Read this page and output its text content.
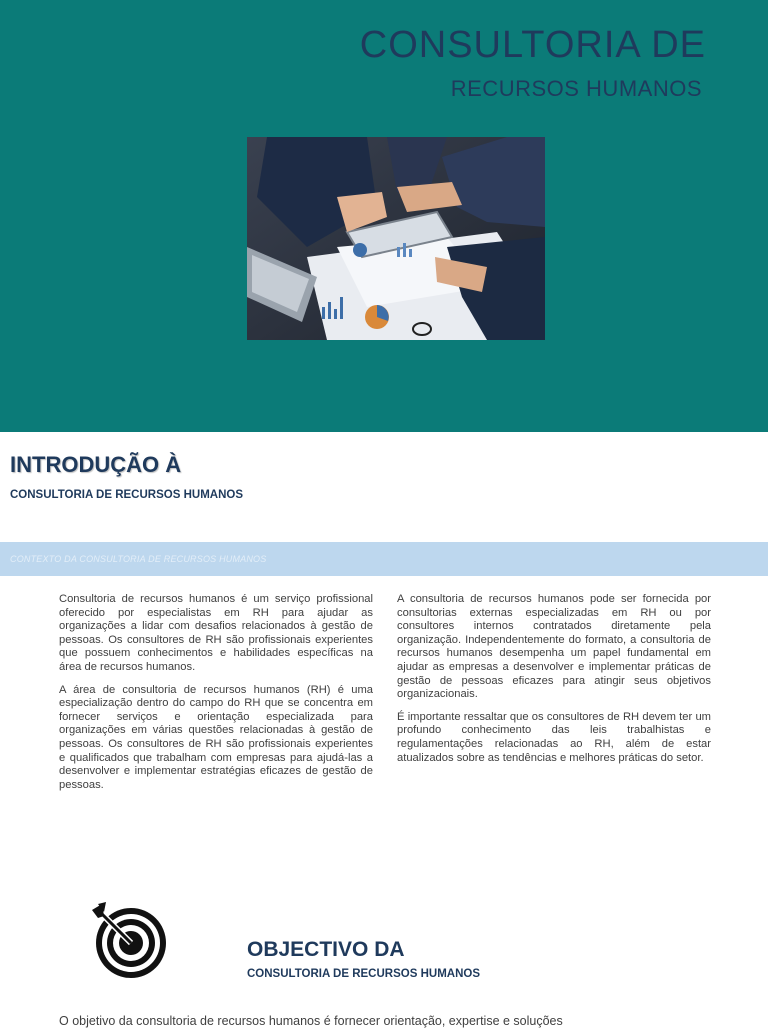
CONSULTORIA DE
RECURSOS HUMANOS
INTRODUÇÃO À
CONSULTORIA DE RECURSOS HUMANOS
CONTEXTO DA CONSULTORIA DE RECURSOS HUMANOS

Consultoria de recursos humanos é um serviço profissional oferecido por especialistas em RH para ajudar as organizações a lidar com desafios relacionados à gestão de pessoas. Os consultores de RH são profissionais experientes que possuem conhecimentos e habilidades específicas na área de recursos humanos.

A área de consultoria de recursos humanos (RH) é uma especialização dentro do campo do RH que se concentra em fornecer serviços e orientação especializada para organizações em várias questões relacionadas à gestão de pessoas. Os consultores de RH são profissionais experientes e qualificados que trabalham com empresas para ajudá-las a desenvolver e implementar estratégias eficazes de gestão de pessoas.

A consultoria de recursos humanos pode ser fornecida por consultorias externas especializadas em RH ou por consultores internos contratados diretamente pela organização. Independentemente do formato, a consultoria de recursos humanos desempenha um papel fundamental em ajudar as empresas a desenvolver e implementar práticas de gestão de pessoas eficazes para atingir seus objetivos organizacionais.

É importante ressaltar que os consultores de RH devem ter um profundo conhecimento das leis trabalhistas e regulamentações relacionadas ao RH, além de estar atualizados sobre as tendências e melhores práticas do setor.

OBJECTIVO DA
CONSULTORIA DE RECURSOS HUMANOS
O objetivo da consultoria de recursos humanos é fornecer orientação, expertise e soluções
